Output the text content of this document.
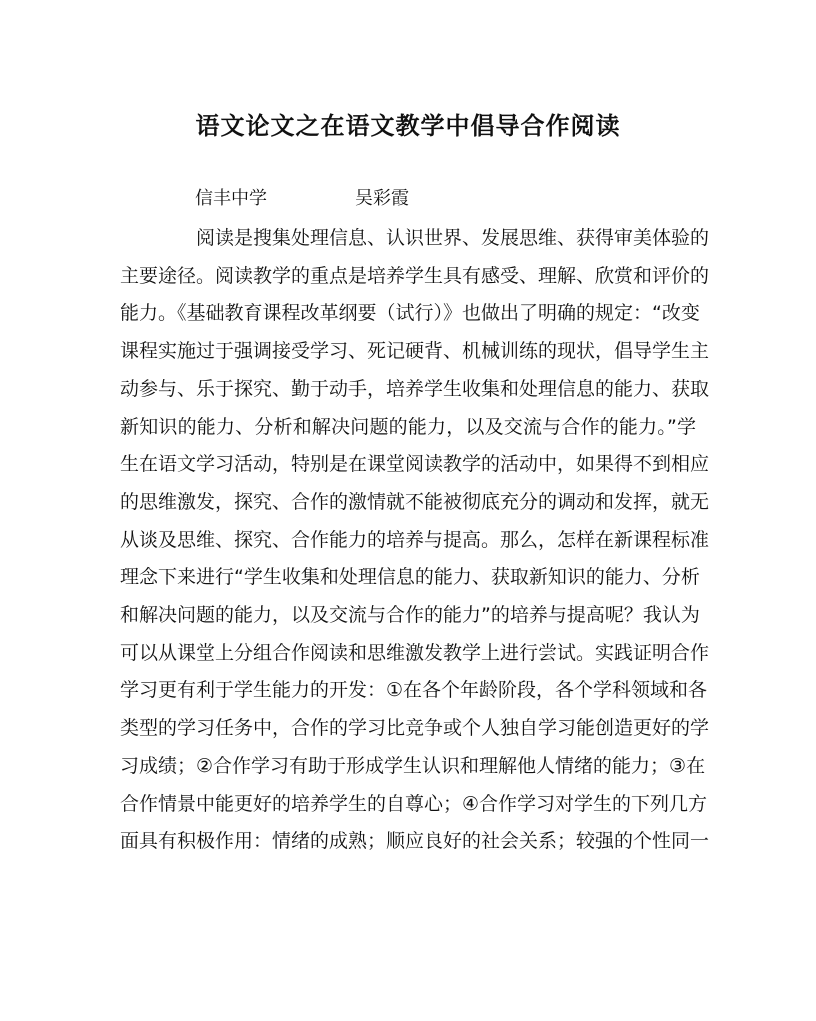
语文论文之在语文教学中倡导合作阅读
信丰中学	吴彩霞
阅读是搜集处理信息、认识世界、发展思维、获得审美体验的
主要途径。阅读教学的重点是培养学生具有感受、理解、欣赏和评价的
能力。《基础教育课程改革纲要（试行）》也做出了明确的规定：“改变
课程实施过于强调接受学习、死记硬背、机械训练的现状，倡导学生主
动参与、乐于探究、勤于动手，培养学生收集和处理信息的能力、获取
新知识的能力、分析和解决问题的能力，以及交流与合作的能力。”学
生在语文学习活动，特别是在课堂阅读教学的活动中，如果得不到相应
的思维激发，探究、合作的激情就不能被彻底充分的调动和发挥，就无
从谈及思维、探究、合作能力的培养与提高。那么，怎样在新课程标准
理念下来进行“学生收集和处理信息的能力、获取新知识的能力、分析
和解决问题的能力，以及交流与合作的能力”的培养与提高呢？我认为
可以从课堂上分组合作阅读和思维激发教学上进行尝试。实践证明合作
学习更有利于学生能力的开发：①在各个年龄阶段，各个学科领域和各
类型的学习任务中，合作的学习比竞争或个人独自学习能创造更好的学
习成绩；②合作学习有助于形成学生认识和理解他人情绪的能力；③在
合作情景中能更好的培养学生的自尊心；④合作学习对学生的下列几方
面具有积极作用：情绪的成熟；顺应良好的社会关系；较强的个性同一
